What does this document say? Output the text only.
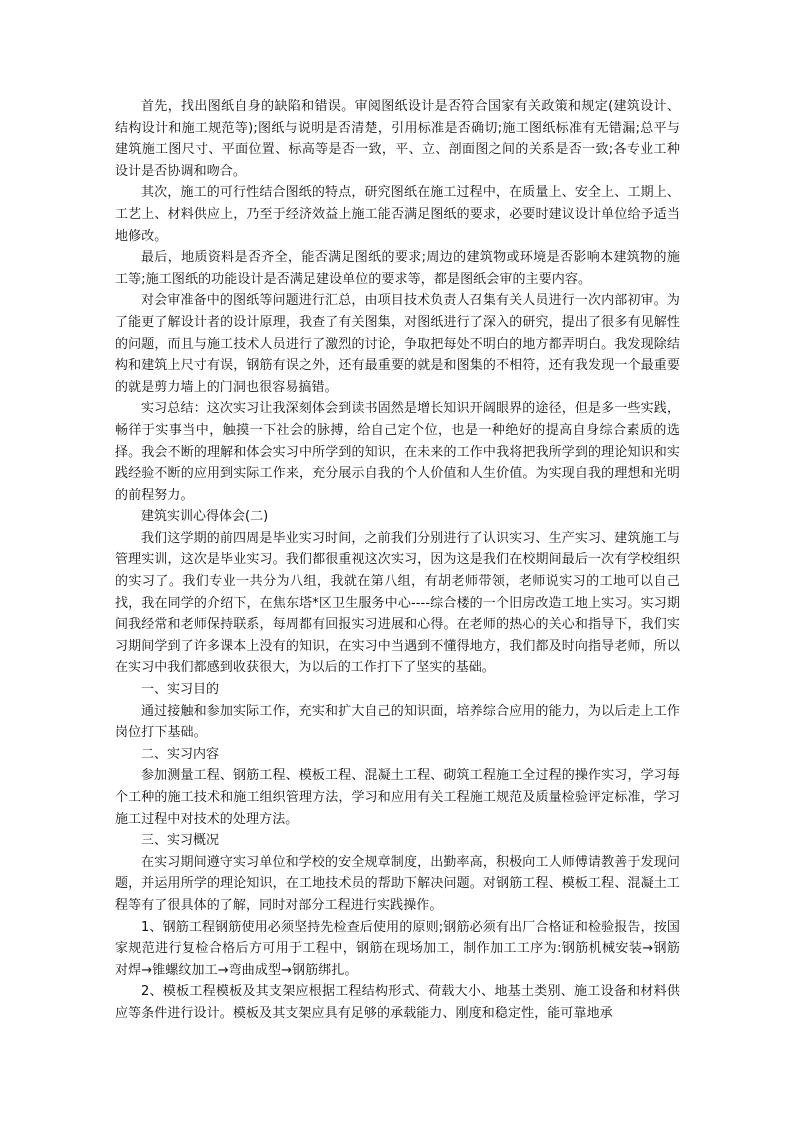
首先，找出图纸自身的缺陷和错误。审阅图纸设计是否符合国家有关政策和规定(建筑设计、结构设计和施工规范等);图纸与说明是否清楚，引用标准是否确切;施工图纸标准有无错漏;总平与建筑施工图尺寸、平面位置、标高等是否一致，平、立、剖面图之间的关系是否一致;各专业工种设计是否协调和吻合。

其次，施工的可行性结合图纸的特点，研究图纸在施工过程中，在质量上、安全上、工期上、工艺上、材料供应上，乃至于经济效益上施工能否满足图纸的要求，必要时建议设计单位给予适当地修改。

最后，地质资料是否齐全，能否满足图纸的要求;周边的建筑物或环境是否影响本建筑物的施工等;施工图纸的功能设计是否满足建设单位的要求等，都是图纸会审的主要内容。

对会审准备中的图纸等问题进行汇总，由项目技术负责人召集有关人员进行一次内部初审。为了能更了解设计者的设计原理，我查了有关图集，对图纸进行了深入的研究，提出了很多有见解性的问题，而且与施工技术人员进行了激烈的讨论，争取把每处不明白的地方都弄明白。我发现除结构和建筑上尺寸有误，钢筋有误之外，还有最重要的就是和图集的不相符，还有我发现一个最重要的就是剪力墙上的门洞也很容易搞错。

实习总结：这次实习让我深刻体会到读书固然是增长知识开阔眼界的途径，但是多一些实践，畅徉于实事当中，触摸一下社会的脉搏，给自己定个位，也是一种绝好的提高自身综合素质的选择。我会不断的理解和体会实习中所学到的知识，在未来的工作中我将把我所学到的理论知识和实践经验不断的应用到实际工作来，充分展示自我的个人价值和人生价值。为实现自我的理想和光明的前程努力。

建筑实训心得体会(二)

我们这学期的前四周是毕业实习时间，之前我们分别进行了认识实习、生产实习、建筑施工与管理实训，这次是毕业实习。我们都很重视这次实习，因为这是我们在校期间最后一次有学校组织的实习了。我们专业一共分为八组，我就在第八组，有胡老师带领，老师说实习的工地可以自己找，我在同学的介绍下，在焦东塔*区卫生服务中心----综合楼的一个旧房改造工地上实习。实习期间我经常和老师保持联系，每周都有回报实习进展和心得。在老师的热心的关心和指导下，我们实习期间学到了许多课本上没有的知识，在实习中当遇到不懂得地方，我们都及时向指导老师，所以在实习中我们都感到收获很大，为以后的工作打下了坚实的基础。

一、实习目的

通过接触和参加实际工作，充实和扩大自己的知识面，培养综合应用的能力，为以后走上工作岗位打下基础。

二、实习内容

参加测量工程、钢筋工程、模板工程、混凝土工程、砌筑工程施工全过程的操作实习，学习每个工种的施工技术和施工组织管理方法，学习和应用有关工程施工规范及质量检验评定标准，学习施工过程中对技术的处理方法。

三、实习概况

在实习期间遵守实习单位和学校的安全规章制度，出勤率高，积极向工人师傅请教善于发现问题，并运用所学的理论知识，在工地技术员的帮助下解决问题。对钢筋工程、模板工程、混凝土工程等有了很具体的了解，同时对部分工程进行实践操作。

1、钢筋工程钢筋使用必须坚持先检查后使用的原则;钢筋必须有出厂合格证和检验报告，按国家规范进行复检合格后方可用于工程中，钢筋在现场加工，制作加工工序为:钢筋机械安装→钢筋对焊→锥螺纹加工→弯曲成型→钢筋绑扎。

2、模板工程模板及其支架应根据工程结构形式、荷载大小、地基土类别、施工设备和材料供应等条件进行设计。模板及其支架应具有足够的承载能力、刚度和稳定性，能可靠地承
